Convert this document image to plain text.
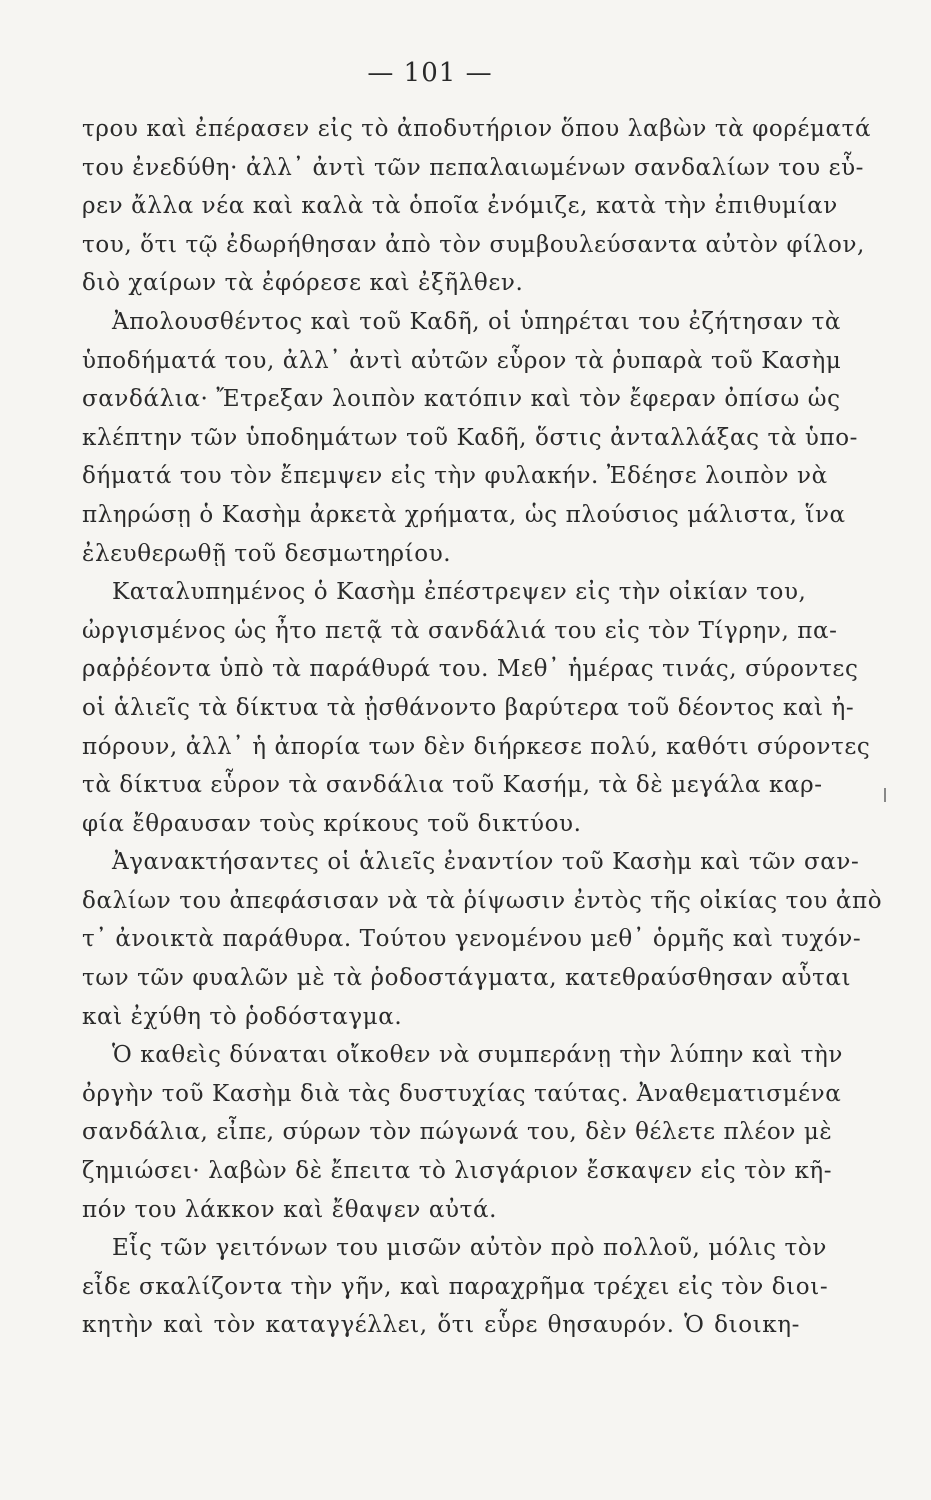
— 101 —
τρου καὶ ἐπέρασεν εἰς τὸ ἀποδυτήριον ὅπου λαβὼν τὰ φορέματά
του ἐνεδύθη· ἀλλ᾽ ἀντὶ τῶν πεπαλαιωμένων σανδαλίων του εὗ-
ρεν ἄλλα νέα καὶ καλὰ τὰ ὁποῖα ἐνόμιζε, κατὰ τὴν ἐπιθυμίαν
του, ὅτι τῷ ἐδωρήθησαν ἀπὸ τὸν συμβουλεύσαντα αὐτὸν φίλον,
διὸ χαίρων τὰ ἐφόρεσε καὶ ἐξῆλθεν.
Ἀπολουσθέντος καὶ τοῦ Καδῆ, οἱ ὑπηρέται του ἐζήτησαν τὰ
ὑποδήματά του, ἀλλ᾽ ἀντὶ αὐτῶν εὗρον τὰ ῥυπαρὰ τοῦ Κασὴμ
σανδάλια· Ἔτρεξαν λοιπὸν κατόπιν καὶ τὸν ἔφεραν ὀπίσω ὡς
κλέπτην τῶν ὑποδημάτων τοῦ Καδῆ, ὅστις ἀνταλλάξας τὰ ὑπο-
δήματά του τὸν ἔπεμψεν εἰς τὴν φυλακήν. Ἐδέησε λοιπὸν νὰ
πληρώσῃ ὁ Κασὴμ ἀρκετὰ χρήματα, ὡς πλούσιος μάλιστα, ἵνα
ἐλευθερωθῇ τοῦ δεσμωτηρίου.
Καταλυπημένος ὁ Κασὴμ ἐπέστρεψεν εἰς τὴν οἰκίαν του,
ὠργισμένος ὡς ἦτο πετᾷ τὰ σανδάλιά του εἰς τὸν Τίγρην, πα-
ραῤῥέοντα ὑπὸ τὰ παράθυρά του. Μεθ᾽ ἡμέρας τινάς, σύροντες
οἱ ἁλιεῖς τὰ δίκτυα τὰ ᾐσθάνοντο βαρύτερα τοῦ δέοντος καὶ ἠ-
πόρουν, ἀλλ᾽ ἡ ἀπορία των δὲν διήρκεσε πολύ, καθότι σύροντες
τὰ δίκτυα εὗρον τὰ σανδάλια τοῦ Κασήμ, τὰ δὲ μεγάλα καρ-
φία ἔθραυσαν τοὺς κρίκους τοῦ δικτύου.
Ἀγανακτήσαντες οἱ ἁλιεῖς ἐναντίον τοῦ Κασὴμ καὶ τῶν σαν-
δαλίων του ἀπεφάσισαν νὰ τὰ ῥίψωσιν ἐντὸς τῆς οἰκίας του ἀπὸ
τ᾽ ἀνοικτὰ παράθυρα. Τούτου γενομένου μεθ᾽ ὁρμῆς καὶ τυχόν-
των τῶν φυαλῶν μὲ τὰ ῥοδοστάγματα, κατεθραύσθησαν αὗται
καὶ ἐχύθη τὸ ῥοδόσταγμα.
Ὁ καθεὶς δύναται οἴκοθεν νὰ συμπεράνῃ τὴν λύπην καὶ τὴν
ὀργὴν τοῦ Κασὴμ διὰ τὰς δυστυχίας ταύτας. Ἀναθεματισμένα
σανδάλια, εἶπε, σύρων τὸν πώγωνά του, δὲν θέλετε πλέον μὲ
ζημιώσει· λαβὼν δὲ ἔπειτα τὸ λισγάριον ἔσκαψεν εἰς τὸν κῆ-
πόν του λάκκον καὶ ἔθαψεν αὐτά.
Εἷς τῶν γειτόνων του μισῶν αὐτὸν πρὸ πολλοῦ, μόλις τὸν
εἶδε σκαλίζοντα τὴν γῆν, καὶ παραχρῆμα τρέχει εἰς τὸν διοι-
κητὴν καὶ τὸν καταγγέλλει, ὅτι εὗρε θησαυρόν. Ὁ διοικη-
